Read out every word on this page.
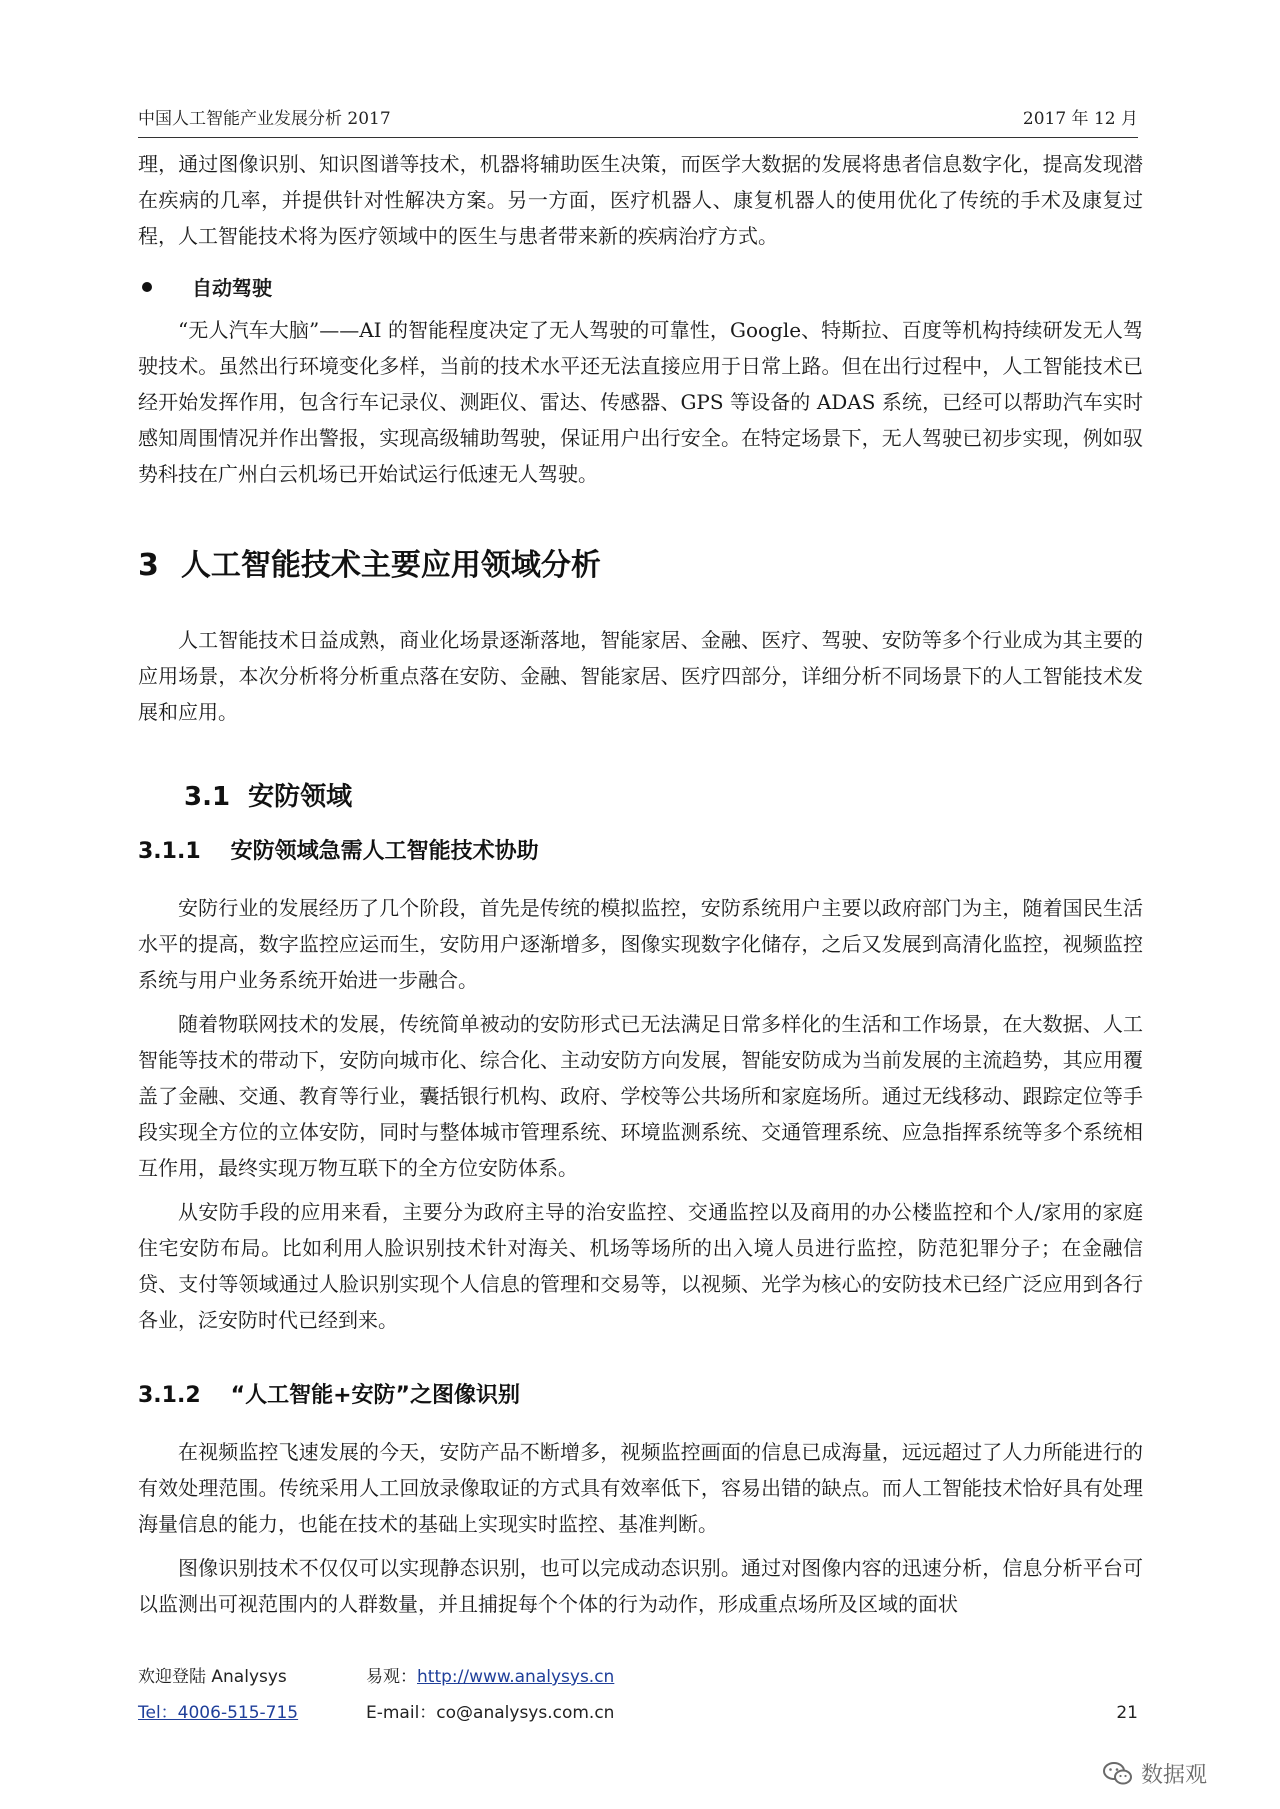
中国人工智能产业发展分析 2017	2017 年 12 月

理，通过图像识别、知识图谱等技术，机器将辅助医生决策，而医学大数据的发展将患者信息数字化，提高发现潜在疾病的几率，并提供针对性解决方案。另一方面，医疗机器人、康复机器人的使用优化了传统的手术及康复过程，人工智能技术将为医疗领域中的医生与患者带来新的疾病治疗方式。

自动驾驶

“无人汽车大脑”——AI 的智能程度决定了无人驾驶的可靠性，Google、特斯拉、百度等机构持续研发无人驾驶技术。虽然出行环境变化多样，当前的技术水平还无法直接应用于日常上路。但在出行过程中，人工智能技术已经开始发挥作用，包含行车记录仪、测距仪、雷达、传感器、GPS 等设备的 ADAS 系统，已经可以帮助汽车实时感知周围情况并作出警报，实现高级辅助驾驶，保证用户出行安全。在特定场景下，无人驾驶已初步实现，例如驭势科技在广州白云机场已开始试运行低速无人驾驶。

3 人工智能技术主要应用领域分析

人工智能技术日益成熟，商业化场景逐渐落地，智能家居、金融、医疗、驾驶、安防等多个行业成为其主要的应用场景，本次分析将分析重点落在安防、金融、智能家居、医疗四部分，详细分析不同场景下的人工智能技术发展和应用。

3.1 安防领域
3.1.1 安防领域急需人工智能技术协助

安防行业的发展经历了几个阶段，首先是传统的模拟监控，安防系统用户主要以政府部门为主，随着国民生活水平的提高，数字监控应运而生，安防用户逐渐增多，图像实现数字化储存，之后又发展到高清化监控，视频监控系统与用户业务系统开始进一步融合。

随着物联网技术的发展，传统简单被动的安防形式已无法满足日常多样化的生活和工作场景，在大数据、人工智能等技术的带动下，安防向城市化、综合化、主动安防方向发展，智能安防成为当前发展的主流趋势，其应用覆盖了金融、交通、教育等行业，囊括银行机构、政府、学校等公共场所和家庭场所。通过无线移动、跟踪定位等手段实现全方位的立体安防，同时与整体城市管理系统、环境监测系统、交通管理系统、应急指挥系统等多个系统相互作用，最终实现万物互联下的全方位安防体系。

从安防手段的应用来看，主要分为政府主导的治安监控、交通监控以及商用的办公楼监控和个人/家用的家庭住宅安防布局。比如利用人脸识别技术针对海关、机场等场所的出入境人员进行监控，防范犯罪分子；在金融信贷、支付等领域通过人脸识别实现个人信息的管理和交易等，以视频、光学为核心的安防技术已经广泛应用到各行各业，泛安防时代已经到来。

3.1.2 “人工智能+安防”之图像识别

在视频监控飞速发展的今天，安防产品不断增多，视频监控画面的信息已成海量，远远超过了人力所能进行的有效处理范围。传统采用人工回放录像取证的方式具有效率低下，容易出错的缺点。而人工智能技术恰好具有处理海量信息的能力，也能在技术的基础上实现实时监控、基准判断。

图像识别技术不仅仅可以实现静态识别，也可以完成动态识别。通过对图像内容的迅速分析，信息分析平台可以监测出可视范围内的人群数量，并且捕捉每个个体的行为动作，形成重点场所及区域的面状

欢迎登陆 Analysys	易观：http://www.analysys.cn
Tel：4006-515-715	E-mail：co@analysys.com.cn	21
数据观
